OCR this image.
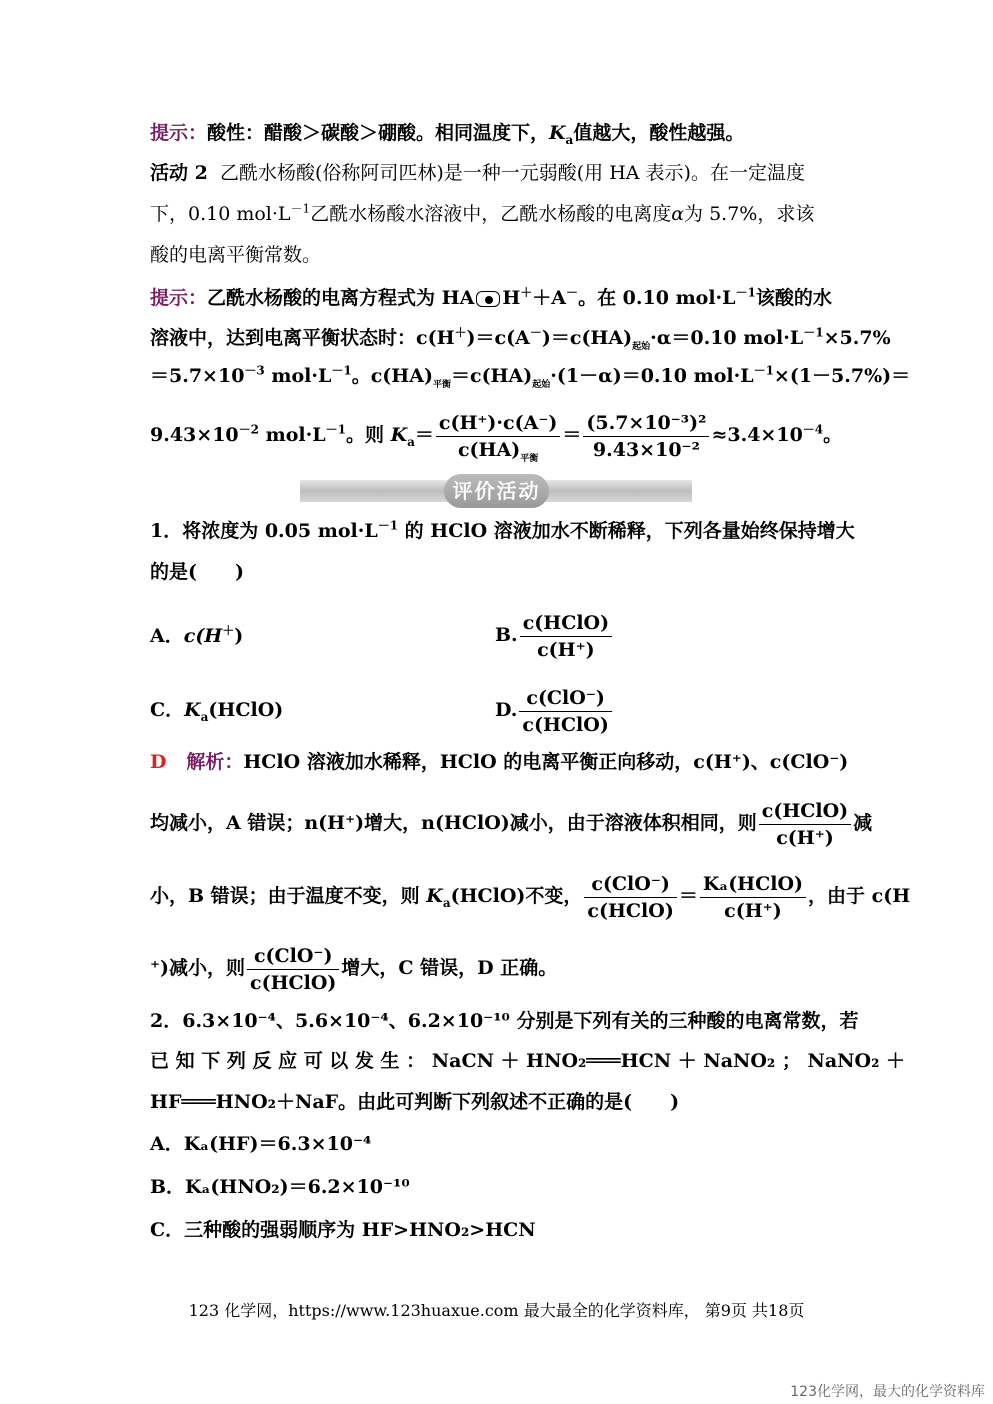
提示：酸性：醋酸＞碳酸＞硼酸。相同温度下，$K_a$值越大，酸性越强。
活动 2 乙酰水杨酸(俗称阿司匹林)是一种一元弱酸(用 HA 表示)。在一定温度
下，0.10 $mol\cdot L^{-1}$乙酰水杨酸水溶液中，乙酰水杨酸的电离度α为 5.7%，求该
酸的电离平衡常数。
提示：乙酰水杨酸的电离方程式为 HA H＋＋A－。在 0.10 $mol\cdot L^{-1}$该酸的水
溶液中，达到电离平衡状态时：$c(H^+)=c(A^-)=c(HA)_{起始}\cdot\alpha=0.10$ $mol\cdot L^{-1}\times 5.7\%$
$=5.7\times 10^{-3}$ $mol\cdot L^{-1}$。$c(HA)_{平衡}=c(HA)_{起始}\cdot(1-\alpha)=0.10$ $mol\cdot L^{-1}\times(1-5.7\%)=$
$9.43\times 10^{-2}$ $mol\cdot L^{-1}$。则 $K_a= \frac{c(H^+)\cdot c(A^-)}{c(HA)_{平衡}} = \frac{\text{(5.7×10⁻³)²}}{\text{9.43×10⁻²}} \approx 3.4\times 10^{-4}$。
评价活动
1．将浓度为 0.05 $mol\cdot L^{-1}$ 的 HClO 溶液加水不断稀释，下列各量始终保持增大
的是(　　)
A．c(H＋)	B. $\frac{\text{c(HClO)}}{c(H^+)}$
C．$K_a(HClO)$	D. $\frac{\text{c(ClO⁻)}}{\text{c(HClO)}}$
D 解析：HClO 溶液加水稀释，HClO 的电离平衡正向移动，c(H⁺)、c(ClO⁻)
均减小，A 错误；n(H⁺)增大，n(HClO)减小，由于溶液体积相同，则 $\frac{\text{c(HClO)}}{c(H^+)}$ 减
小，B 错误；由于温度不变，则 $K_a(HClO)$不变， $\frac{\text{c(ClO⁻)}}{\text{c(HClO)}} = \frac{\text{Kₐ(HClO)}}{c(H^+)}$ ，由于 c(H
⁺)减小，则 $\frac{\text{c(ClO⁻)}}{\text{c(HClO)}}$ 增大，C 错误，D 正确。
2．6.3×10⁻⁴、5.6×10⁻⁴、6.2×10⁻¹⁰ 分别是下列有关的三种酸的电离常数，若
已 知 下 列 反 应 可 以 发 生 ： NaCN ＋ HNO₂═══HCN ＋ NaNO₂ ； NaNO₂ ＋
HF═══HNO₂＋NaF。由此可判断下列叙述不正确的是(　　)
A．Kₐ(HF)＝6.3×10⁻⁴
B．Kₐ(HNO₂)＝6.2×10⁻¹⁰
C．三种酸的强弱顺序为 HF>HNO₂>HCN
123 化学网，https://www.123huaxue.com 最大最全的化学资料库， 第9页 共18页
123化学网，最大的化学资料库
